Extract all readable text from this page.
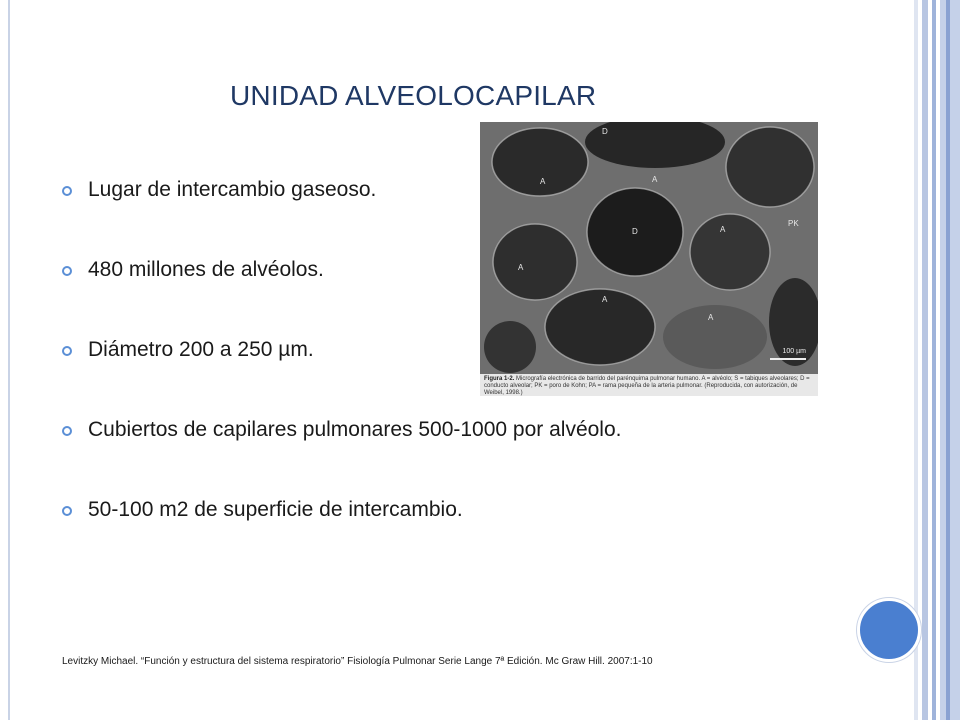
UNIDAD ALVEOLOCAPILAR
Lugar de intercambio gaseoso.
480 millones de alvéolos.
Diámetro 200 a 250 µm.
Cubiertos de capilares pulmonares 500-1000 por alvéolo.
50-100 m2 de superficie de intercambio.
D
A
A
D	A
A
A
A
PK
100 µm
Figura 1-2. Micrografía electrónica de barrido del parénquima pulmonar humano. A = alvéolo; S = tabiques alveolares; D = conducto alveolar; PK = poro de Kohn; PA = rama pequeña de la arteria pulmonar. (Reproducida, con autorización, de Weibel, 1998.)
Levitzky Michael. “Función y estructura del sistema respiratorio” Fisiología Pulmonar Serie Lange 7ª Edición. Mc Graw Hill. 2007:1-10
